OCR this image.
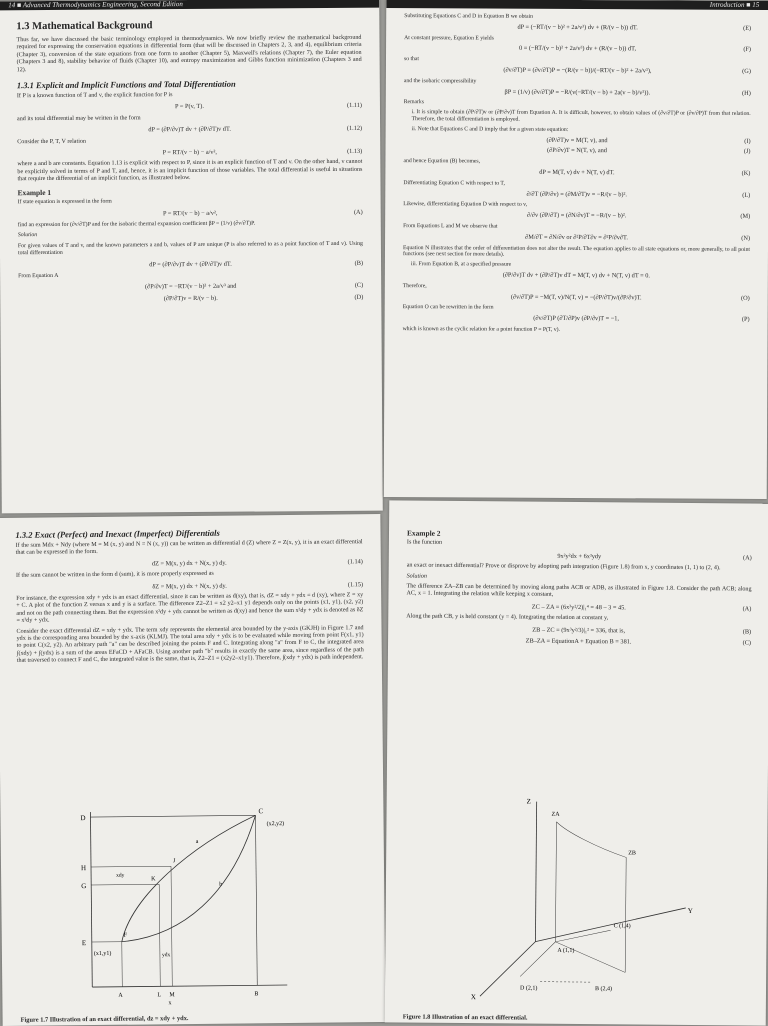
14 ■ Advanced Thermodynamics Engineering, Second Edition
1.3 Mathematical Background

Thus far, we have discussed the basic terminology employed in thermodynamics. We now briefly review the mathematical background required for expressing the conservation equations in differential form (that will be discussed in Chapters 2, 3, and 4), equilibrium criteria (Chapter 3), conversion of the state equations from one form to another (Chapter 5), Maxwell's relations (Chapter 7), the Euler equation (Chapters 3 and 8), stability behavior of fluids (Chapter 10), and entropy maximization and Gibbs function minimization (Chapters 3 and 12).

1.3.1 Explicit and Implicit Functions and Total Differentiation

If P is a known function of T and v, the explicit function for P is

P = P(v, T).	(1.11)

and its total differential may be written in the form

dP = (∂P/∂v)T dv + (∂P/∂T)v dT.	(1.12)

Consider the P, T, V relation

P = RT/(v − b) − a/v²,	(1.13)

where a and b are constants. Equation 1.13 is explicit with respect to P, since it is an explicit function of T and v. On the other hand, v cannot be explicitly solved in terms of P and T, and, hence, it is an implicit function of those variables. The total differential is useful in situations that require the differential of an implicit function, as illustrated below.

Example 1

If state equation is expressed in the form

P = RT/(v − b) − a/v²,	(A)

find an expression for (∂v/∂T)P and for the isobaric thermal expansion coefficient βP = (1/v) (∂v/∂T)P.

Solution

For given values of T and v, and the known parameters a and b, values of P are unique (P is also referred to as a point function of T and v). Using total differentiation

dP = (∂P/∂v)T dv + (∂P/∂T)v dT.	(B)

From Equation A

(∂P/∂v)T = −RT/(v − b)² + 2a/v³ and	(C)
(∂P/∂T)v = R/(v − b).	(D)
Introduction ■ 15

Substituting Equations C and D in Equation B we obtain

dP = (−RT/(v − b)² + 2a/v³) dv + (R/(v − b)) dT.	(E)

At constant pressure, Equation E yields

0 = (−RT/(v − b)² + 2a/v³) dv + (R/(v − b)) dT,	(F)

so that

(∂v/∂T)P = (∂v/∂T)P = −(R/(v − b))/(−RT/(v − b)² + 2a/v³),	(G)

and the isobaric compressibility

βP = (1/v) (∂v/∂T)P = −R/(v(−RT/(v − b) + 2a(v − b)/v³)).	(H)

Remarks

i. It is simple to obtain (∂P/∂T)v or (∂P/∂v)T from Equation A. It is difficult, however, to obtain values of (∂v/∂T)P or (∂v/∂P)T from that relation. Therefore, the total differentiation is employed.

ii. Note that Equations C and D imply that for a given state equation:

(∂P/∂T)v = M(T, v), and	(I)
(∂P/∂v)T = N(T, v), and	(J)

and hence Equation (B) becomes,

dP = M(T, v) dv + N(T, v) dT.	(K)

Differentiating Equation C with respect to T,

∂/∂T (∂P/∂v) = (∂M/∂T)v = −R/(v − b)².	(L)

Likewise, differentiating Equation D with respect to v,

∂/∂v (∂P/∂T) = (∂N/∂v)T = −R/(v − b)².	(M)

From Equations L and M we observe that

∂M/∂T = ∂N/∂v or ∂²P/∂T∂v = ∂²P/∂v∂T.	(N)

Equation N illustrates that the order of differentiation does not alter the result. The equation applies to all state equations or, more generally, to all point functions (see next section for more details).

iii. From Equation B, at a specified pressure

(∂P/∂v)T dv + (∂P/∂T)v dT = M(T, v) dv + N(T, v) dT = 0.

Therefore,

(∂v/∂T)P = −M(T, v)/N(T, v) = −(∂P/∂T)v/(∂P/∂v)T.	(O)

Equation O can be rewritten in the form

(∂v/∂T)P (∂T/∂P)v (∂P/∂v)T = −1,	(P)

which is known as the cyclic relation for a point function P = P(T, v).

1.3.2 Exact (Perfect) and Inexact (Imperfect) Differentials

If the sum Mdx + Ndy (where M = M (x, y) and N = N (x, y)) can be written as differential d (Z) where Z = Z(x, y), it is an exact differential that can be expressed in the form.

dZ = M(x, y) dx + N(x, y) dy.	(1.14)

If the sum cannot be written in the form d (sum), it is more properly expressed as

δZ = M(x, y) dx + N(x, y) dy.	(1.15)

For instance, the expression xdy + ydx is an exact differential, since it can be written as d(xy), that is, dZ = xdy + ydx = d (xy), where Z = xy + C. A plot of the function Z versus x and y is a surface. The difference Z2–Z1 = x2 y2–x1 y1 depends only on the points (x1, y1), (x2, y2) and not on the path connecting them. But the expression x²dy + ydx cannot be written as d(xy) and hence the sum x²dy + ydx is denoted as δZ = x²dy + ydx.

Consider the exact differential dZ = xdy + ydx. The term xdy represents the elemental area bounded by the y-axis (GKJH) in Figure 1.7 and ydx is the corresponding area bounded by the x-axis (KLMJ). The total area xdy + ydx is to be evaluated while moving from point F(x1, y1) to point C(x2, y2). An arbitrary path "a" can be described joining the points F and C. Integrating along "a" from F to C, the integrated area ∫(xdy) + ∫(ydx) is a sum of the areas EFaCD + AFaCB. Using another path "b" results in exactly the same area, since regardless of the path that traversed to connect F and C, the integrated value is the same, that is, Z2–Z1 = (x2y2–x1y1). Therefore, ∫(xdy + ydx) is path independent.

D
C
(x2,y2)
H
G
E
(x1,y1)
F
K
J
a
b
xdy
ydx
A	L M	B
x
Figure 1.7 Illustration of an exact differential, dz = xdy + ydx.
Example 2

Is the function

9x²y²dx + 6x³ydy	(A)

an exact or inexact differential? Prove or disprove by adopting path integration (Figure 1.8) from x, y coordinates (1, 1) to (2, 4).

Solution

The difference ZA–ZB can be determined by moving along paths ACB or ADB, as illustrated in Figure 1.8. Consider the path ACB; along AC, x = 1. Integrating the relation while keeping x constant,

ZC – ZA = (6x³y²/2)|₁⁴ = 48 – 3 = 45.	(A)

Along the path CB, y is held constant (y = 4). Integrating the relation at constant y,

ZB – ZC = (9x³y²/3)|₁² = 336, that is,	(B)
ZB–ZA = EquationA + Equation B = 381.	(C)
Z
ZA
ZB
Y
X
A (1,1)
C (1,4)
D (2,1)	B (2,4)
Figure 1.8 Illustration of an exact differential.
